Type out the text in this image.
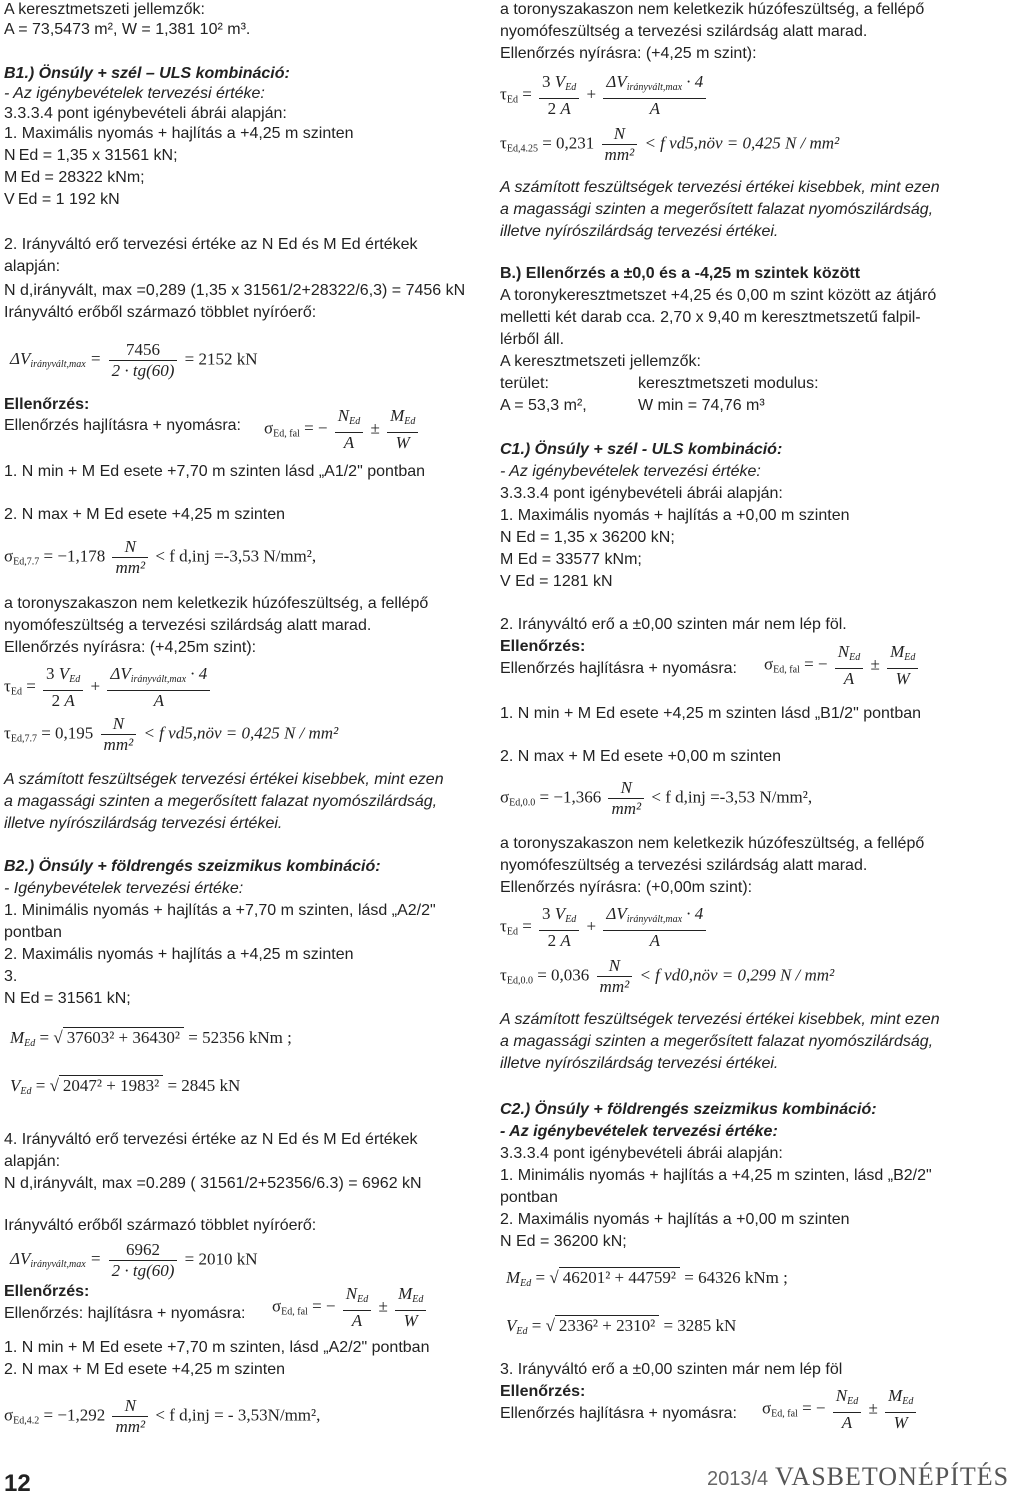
A keresztmetszeti jellemzők:
A = 73,5473 m², W = 1,381 10² m³.
B1.) Önsúly + szél – ULS kombináció:
- Az igénybevételek tervezési értéke:
3.3.3.4 pont igénybevételi ábrái alapján:
1. Maximális nyomás + hajlítás a +4,25 m szinten
N Ed = 1,35 x 31561 kN;
M Ed = 28322 kNm;
V Ed = 1 192 kN
2. Irányváltó erő tervezési értéke az N Ed és M Ed értékek
alapján:
N d,irányvált, max =0,289 (1,35 x 31561/2+28322/6,3) = 7456 kN
Irányváltó erőből származó többlet nyíróerő:
$\Delta V_{irányvált,max} = \frac{7456}{2 \cdot tg(60)} = 2152$ kN
Ellenőrzés:
Ellenőrzés hajlításra + nyomásra: $\sigma_{Ed, fal}$ = − $\frac{N_{Ed}}{A} \pm \frac{M_{Ed}}{W}$
1. N min + M Ed esete +7,70 m szinten lásd „A1/2" pontban
2. N max + M Ed esete +4,25 m szinten
$\sigma_{Ed,7.7} = -1,178 \frac{N}{\text{mm²}} < f$ d,inj =-3,53 N/mm²,
a toronyszakaszon nem keletkezik húzófeszültség, a fellépő
nyomófeszültség a tervezési szilárdság alatt marad.
Ellenőrzés nyírásra: (+4,25m szint):
$\tau_{Ed} = \frac{3 V_{Ed}}{2 A} + \frac{\Delta V_{irányvált,max} \cdot 4}{A}$
$\tau_{Ed,7.7} = 0,195 \frac{N}{\text{mm²}} < f$ vd5,növ = 0,425 N / mm²
A számított feszültségek tervezési értékei kisebbek, mint ezen
a magassági szinten a megerősített falazat nyomószilárdság,
illetve nyírószilárdság tervezési értékei.
B2.) Önsúly + földrengés szeizmikus kombináció:
- Igénybevételek tervezési értéke:
1. Minimális nyomás + hajlítás a +7,70 m szinten, lásd „A2/2"
pontban
2. Maximális nyomás + hajlítás a +4,25 m szinten
3.
N Ed = 31561 kN;
$M_{Ed}$ = √ 37603² + 36430² = 52356 kNm ;
$V_{Ed}$ = √ 2047² + 1983² = 2845 kN
4. Irányváltó erő tervezési értéke az N Ed és M Ed értékek
alapján:
N d,irányvált, max =0.289 ( 31561/2+52356/6.3) = 6962 kN
Irányváltó erőből származó többlet nyíróerő:
$\Delta V_{irányvált,max} = \frac{6962}{2 \cdot tg(60)} = 2010$ kN
Ellenőrzés:
Ellenőrzés: hajlításra + nyomásra: $\sigma_{Ed, fal}$ = − $\frac{N_{Ed}}{A} \pm \frac{M_{Ed}}{W}$
1. N min + M Ed esete +7,70 m szinten, lásd „A2/2" pontban
2. N max + M Ed esete +4,25 m szinten
$\sigma_{Ed,4.2} = -1,292 \frac{N}{\text{mm²}} < f$ d,inj = - 3,53N/mm²,
a toronyszakaszon nem keletkezik húzófeszültség, a fellépő
nyomófeszültség a tervezési szilárdság alatt marad.
Ellenőrzés nyírásra: (+4,25 m szint):
$\tau_{Ed} = \frac{3 V_{Ed}}{2 A} + \frac{\Delta V_{irányvált,max} \cdot 4}{A}$
$\tau_{Ed,4.25} = 0,231 \frac{N}{\text{mm²}} < f$ vd5,növ = 0,425 N / mm²
A számított feszültségek tervezési értékei kisebbek, mint ezen
a magassági szinten a megerősített falazat nyomószilárdság,
illetve nyírószilárdság tervezési értékei.
B.) Ellenőrzés a ±0,0 és a -4,25 m szintek között
A toronykeresztmetszet +4,25 és 0,00 m szint között az átjáró
melletti két darab cca. 2,70 x 9,40 m keresztmetszetű falpil-
lérből áll.
A keresztmetszeti jellemzők:
terület:	keresztmetszeti modulus:
A = 53,3 m²,	W min = 74,76 m³
C1.) Önsúly + szél - ULS kombináció:
- Az igénybevételek tervezési értéke:
3.3.3.4 pont igénybevételi ábrái alapján:
1. Maximális nyomás + hajlítás a +0,00 m szinten
N Ed = 1,35 x 36200 kN;
M Ed = 33577 kNm;
V Ed = 1281 kN
2. Irányváltó erő a ±0,00 szinten már nem lép föl.
Ellenőrzés:
Ellenőrzés hajlításra + nyomásra: $\sigma_{Ed, fal}$ = − $\frac{N_{Ed}}{A} \pm \frac{M_{Ed}}{W}$
1. N min + M Ed esete +4,25 m szinten lásd „B1/2" pontban
2. N max + M Ed esete +0,00 m szinten
$\sigma_{Ed,0.0} = -1,366 \frac{N}{\text{mm²}} < f$ d,inj =-3,53 N/mm²,
a toronyszakaszon nem keletkezik húzófeszültség, a fellépő
nyomófeszültség a tervezési szilárdság alatt marad.
Ellenőrzés nyírásra: (+0,00m szint):
$\tau_{Ed} = \frac{3 V_{Ed}}{2 A} + \frac{\Delta V_{irányvált,max} \cdot 4}{A}$
$\tau_{Ed,0.0} = 0,036 \frac{N}{\text{mm²}} < f$ vd0,növ = 0,299 N / mm²
A számított feszültségek tervezési értékei kisebbek, mint ezen
a magassági szinten a megerősített falazat nyomószilárdság,
illetve nyírószilárdság tervezési értékei.
C2.) Önsúly + földrengés szeizmikus kombináció:
- Az igénybevételek tervezési értéke:
3.3.3.4 pont igénybevételi ábrái alapján:
1. Minimális nyomás + hajlítás a +4,25 m szinten, lásd „B2/2"
pontban
2. Maximális nyomás + hajlítás a +0,00 m szinten
N Ed = 36200 kN;
$M_{Ed}$ = √ 46201² + 44759² = 64326 kNm ;
$V_{Ed}$ = √ 2336² + 2310² = 3285 kN
3. Irányváltó erő a ±0,00 szinten már nem lép föl
Ellenőrzés:
Ellenőrzés hajlításra + nyomásra: $\sigma_{Ed, fal}$ = − $\frac{N_{Ed}}{A} \pm \frac{M_{Ed}}{W}$
12	2013/4 VASBETONÉPÍTÉS
